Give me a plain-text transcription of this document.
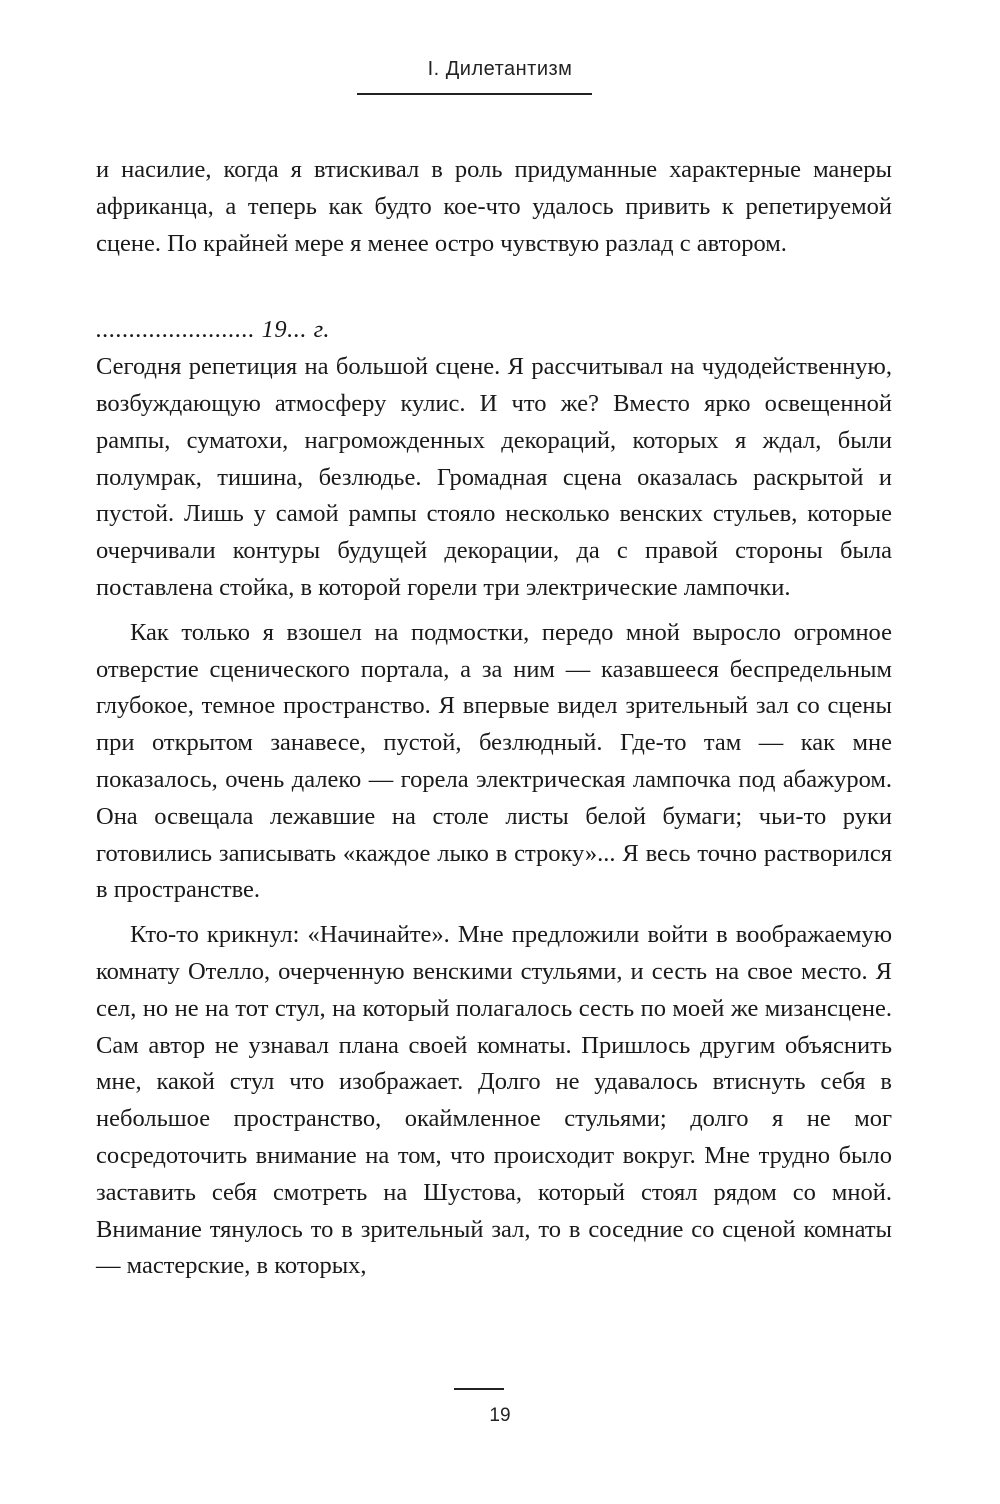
I. Дилетантизм

и насилие, когда я втискивал в роль придуманные характерные манеры африканца, а теперь как будто кое-что удалось привить к репетируемой сцене. По крайней мере я менее остро чувствую разлад с автором.

........................ 19... г.

Сегодня репетиция на большой сцене. Я рассчитывал на чудодейственную, возбуждающую атмосферу кулис. И что же? Вместо ярко освещенной рампы, суматохи, нагроможденных декораций, которых я ждал, были полумрак, тишина, безлюдье. Громадная сцена оказалась раскрытой и пустой. Лишь у самой рампы стояло несколько венских стульев, которые очерчивали контуры будущей декорации, да с правой стороны была поставлена стойка, в которой горели три электрические лампочки.

Как только я взошел на подмостки, передо мной выросло огромное отверстие сценического портала, а за ним — казавшееся беспредельным глубокое, темное пространство. Я впервые видел зрительный зал со сцены при открытом занавесе, пустой, безлюдный. Где-то там — как мне показалось, очень далеко — горела электрическая лампочка под абажуром. Она освещала лежавшие на столе листы белой бумаги; чьи-то руки готовились записывать «каждое лыко в строку»... Я весь точно растворился в пространстве.

Кто-то крикнул: «Начинайте». Мне предложили войти в воображаемую комнату Отелло, очерченную венскими стульями, и сесть на свое место. Я сел, но не на тот стул, на который полагалось сесть по моей же мизансцене. Сам автор не узнавал плана своей комнаты. Пришлось другим объяснить мне, какой стул что изображает. Долго не удавалось втиснуть себя в небольшое пространство, окаймленное стульями; долго я не мог сосредоточить внимание на том, что происходит вокруг. Мне трудно было заставить себя смотреть на Шустова, который стоял рядом со мной. Внимание тянулось то в зрительный зал, то в соседние со сценой комнаты — мастерские, в которых,

19
